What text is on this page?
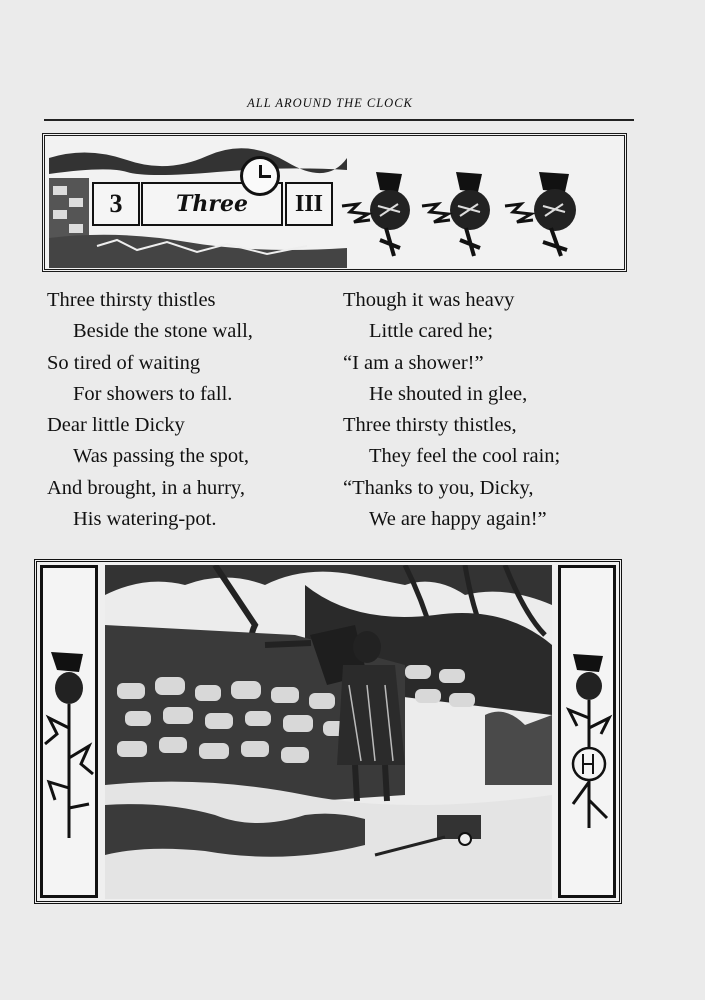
ALL AROUND THE CLOCK
3	Three	III
Three thirsty thistles
Beside the stone wall,
So tired of waiting
For showers to fall.
Dear little Dicky
Was passing the spot,
And brought, in a hurry,
His watering-pot.
Though it was heavy
Little cared he;
“I am a shower!”
He shouted in glee,
Three thirsty thistles,
They feel the cool rain;
“Thanks to you, Dicky,
We are happy again!”
